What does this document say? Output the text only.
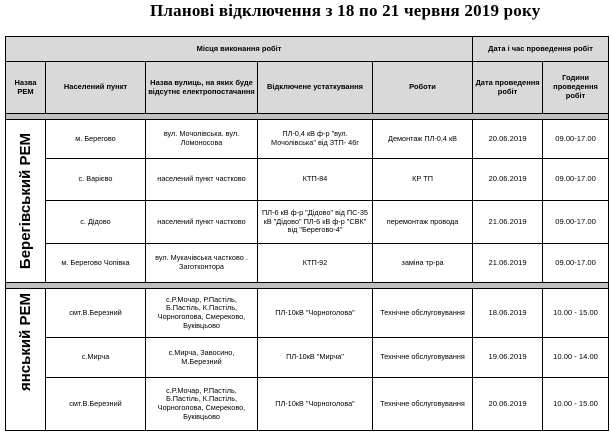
Планові відключення з 18 по 21 червня 2019 року
Місця виконання робіт					Дата і час проведення робіт	
Назва РЕМ	Населений пункт	Назва вулиць, на яких буде відсутнє електропостачання	Відключене устаткування	Роботи	Дата проведення робіт	Години проведення робіт

Берегівський РЕМ	м. Берегово	вул. Мочолівська. вул. Ломоносова	ПЛ-0,4 кВ ф-р "вул. Мочолівська" від ЗТП- 46г	Демонтаж ПЛ-0,4 кВ	20.06.2019	09.00-17.00
	с. Варієво	населений пункт частково	КТП-84	КР ТП	20.06.2019	09.00-17.00
	с. Дідово	населений пункт частково	ПЛ-6 кВ ф-р "Дідово" від ПС-35 кВ "Дідово" ПЛ-6 кВ ф-р "СВК" від "Берегово-4"	перемонтаж провода	21.06.2019	09.00-17.00
	м. Берегово Чопівка	вул. Мукачівська частково . Заготконтора	КТП-92	заміна тр-ра	21.06.2019	09.00-17.00

янський РЕМ	смт.В.Березний	с.Р.Мочар, Р.Пастіль, Б.Пастіль, К.Пастіль, Чорноголова, Смереково, Буківцьово	ПЛ-10кВ "Чорноголова"	Технічне обслуговування	18.06.2019	10.00 - 15.00
	с.Мирча	с.Мирча, Завосино, М.Березний	ПЛ-10кВ "Мирча"	Технічне обслуговування	19.06.2019	10.00 - 14.00
	смт.В.Березний	с.Р.Мочар, Р.Пастіль, Б.Пастіль, К.Пастіль, Чорноголова, Смереково, Буківцьово	ПЛ-10кВ "Чорноголова"	Технічне обслуговування	20.06.2019	10.00 - 15.00
